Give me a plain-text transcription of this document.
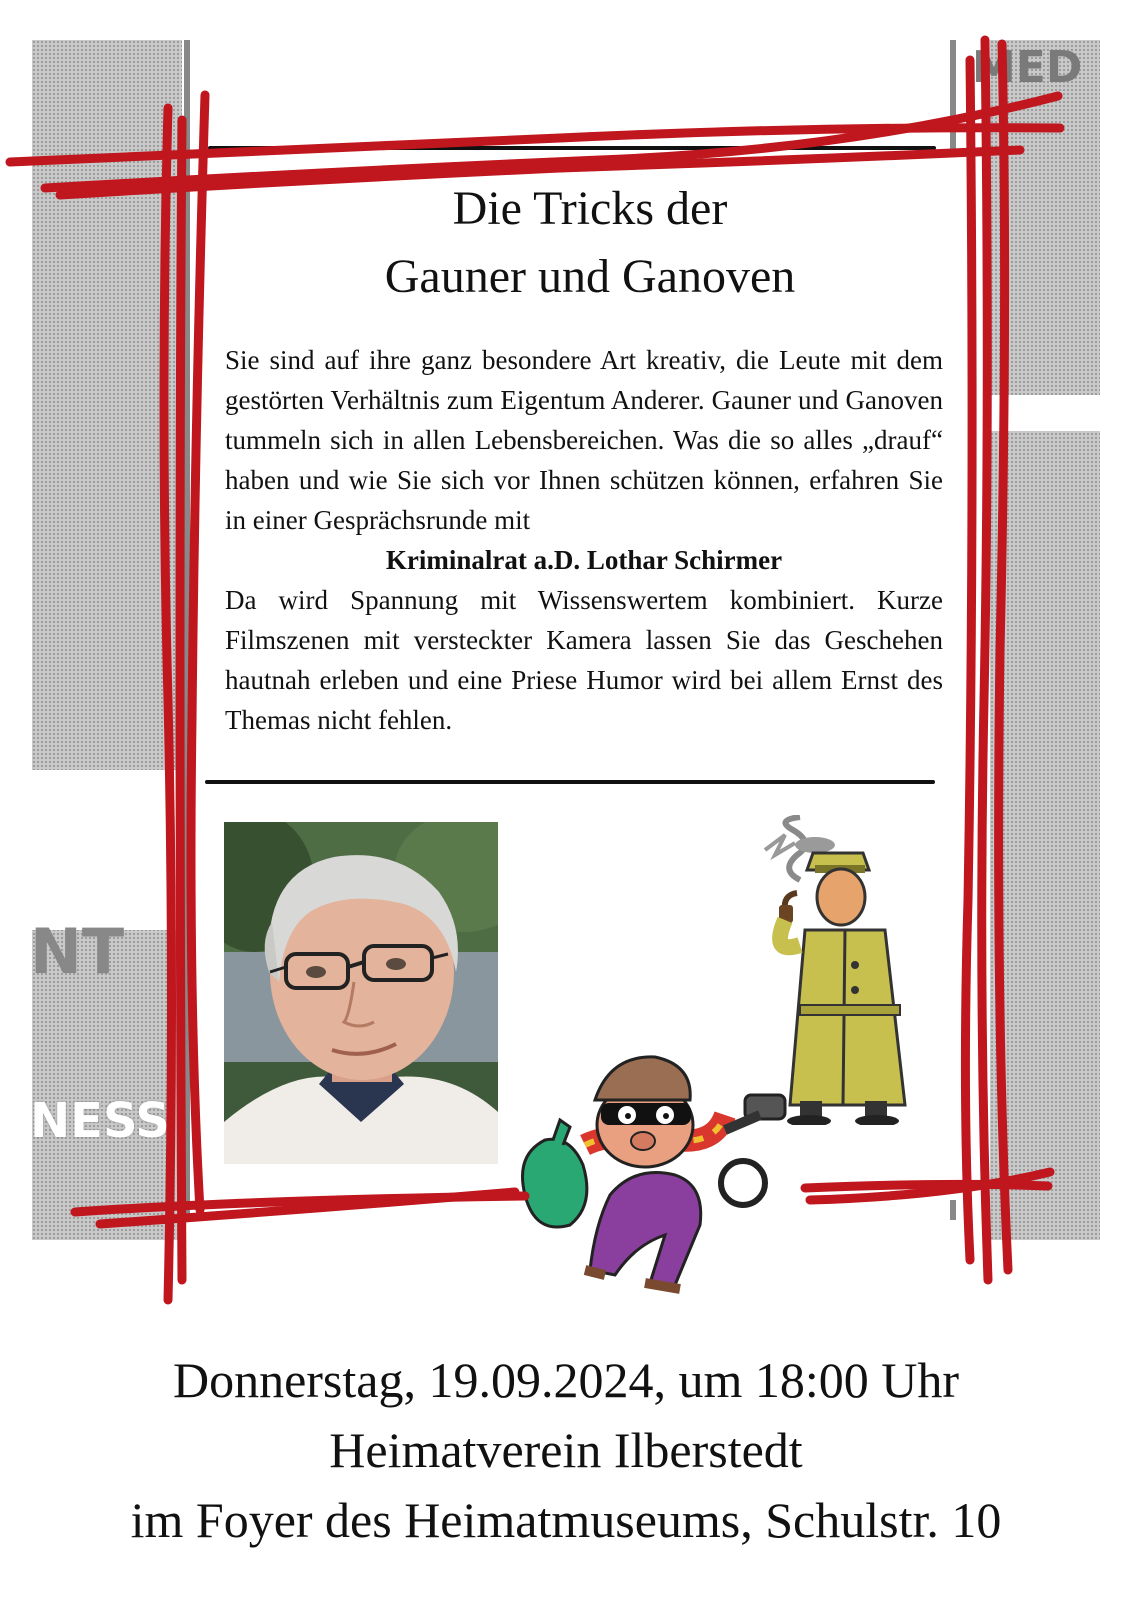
MED
NT
NESS
Die Tricks der
Gauner und Ganoven
Sie sind auf ihre ganz besondere Art kreativ, die Leute mit dem gestörten Verhältnis zum Eigentum Anderer. Gauner und Ganoven tummeln sich in allen Lebensbereichen. Was die so alles „drauf“ haben und wie Sie sich vor Ihnen schützen können, erfahren Sie in einer Gesprächsrunde mit
Kriminalrat a.D. Lothar Schirmer
Da wird Spannung mit Wissenswertem kombiniert. Kurze Filmszenen mit versteckter Kamera lassen Sie das Geschehen hautnah erleben und eine Priese Humor wird bei allem Ernst des Themas nicht fehlen.
Donnerstag, 19.09.2024, um 18:00 Uhr
Heimatverein Ilberstedt
im Foyer des Heimatmuseums, Schulstr. 10
